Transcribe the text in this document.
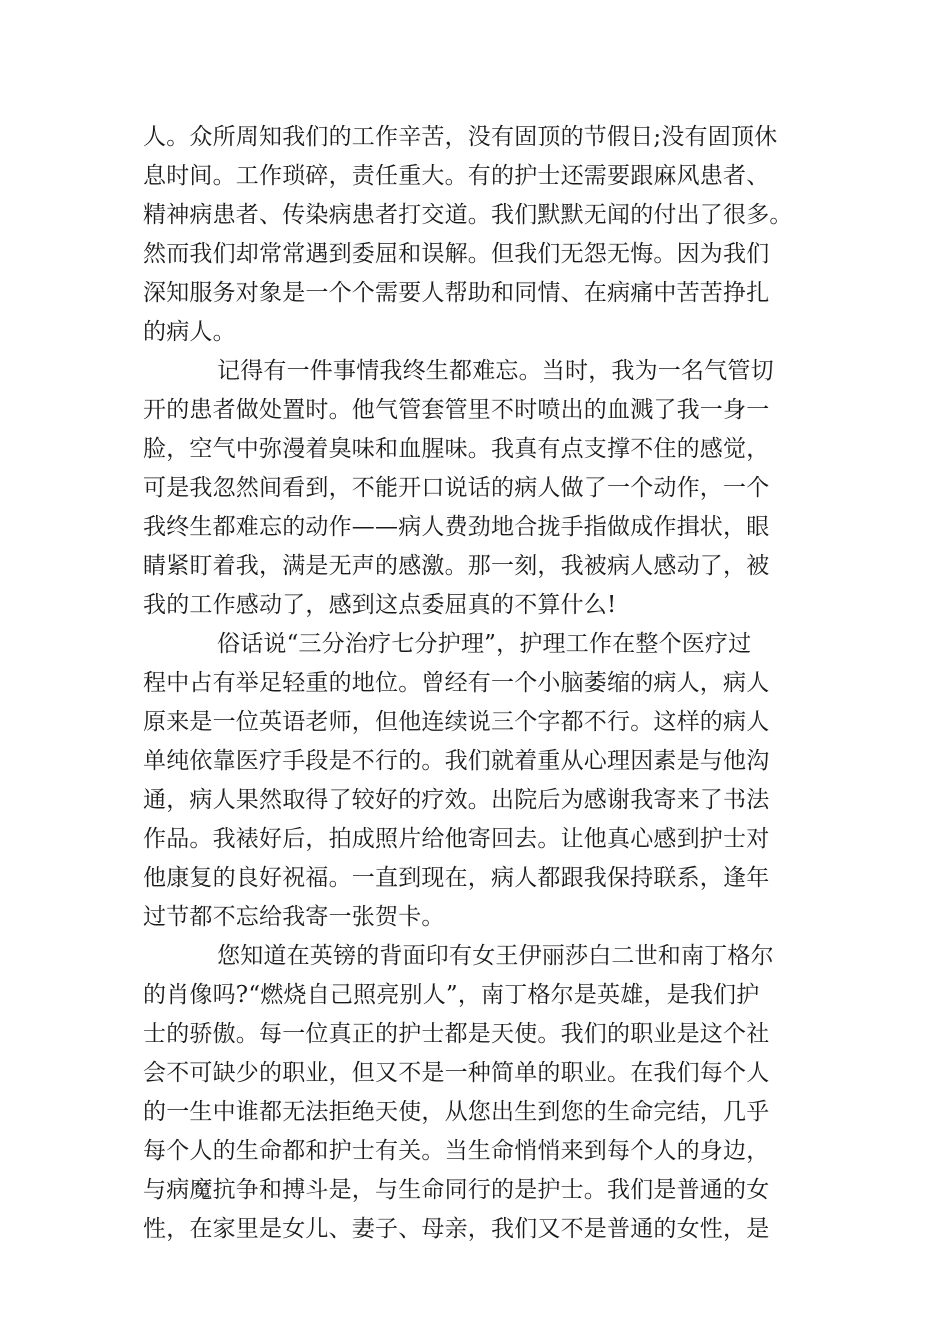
人。众所周知我们的工作辛苦，没有固顶的节假日;没有固顶休
息时间。工作琐碎，责任重大。有的护士还需要跟麻风患者、
精神病患者、传染病患者打交道。我们默默无闻的付出了很多。
然而我们却常常遇到委屈和误解。但我们无怨无悔。因为我们
深知服务对象是一个个需要人帮助和同情、在病痛中苦苦挣扎
的病人。
记得有一件事情我终生都难忘。当时，我为一名气管切
开的患者做处置时。他气管套管里不时喷出的血溅了我一身一
脸，空气中弥漫着臭味和血腥味。我真有点支撑不住的感觉，
可是我忽然间看到，不能开口说话的病人做了一个动作，一个
我终生都难忘的动作——病人费劲地合拢手指做成作揖状，眼
睛紧盯着我，满是无声的感激。那一刻，我被病人感动了，被
我的工作感动了，感到这点委屈真的不算什么!
俗话说“三分治疗七分护理”，护理工作在整个医疗过
程中占有举足轻重的地位。曾经有一个小脑萎缩的病人，病人
原来是一位英语老师，但他连续说三个字都不行。这样的病人
单纯依靠医疗手段是不行的。我们就着重从心理因素是与他沟
通，病人果然取得了较好的疗效。出院后为感谢我寄来了书法
作品。我裱好后，拍成照片给他寄回去。让他真心感到护士对
他康复的良好祝福。一直到现在，病人都跟我保持联系，逢年
过节都不忘给我寄一张贺卡。
您知道在英镑的背面印有女王伊丽莎白二世和南丁格尔
的肖像吗?“燃烧自己照亮别人”，南丁格尔是英雄，是我们护
士的骄傲。每一位真正的护士都是天使。我们的职业是这个社
会不可缺少的职业，但又不是一种简单的职业。在我们每个人
的一生中谁都无法拒绝天使，从您出生到您的生命完结，几乎
每个人的生命都和护士有关。当生命悄悄来到每个人的身边，
与病魔抗争和搏斗是，与生命同行的是护士。我们是普通的女
性，在家里是女儿、妻子、母亲，我们又不是普通的女性，是
